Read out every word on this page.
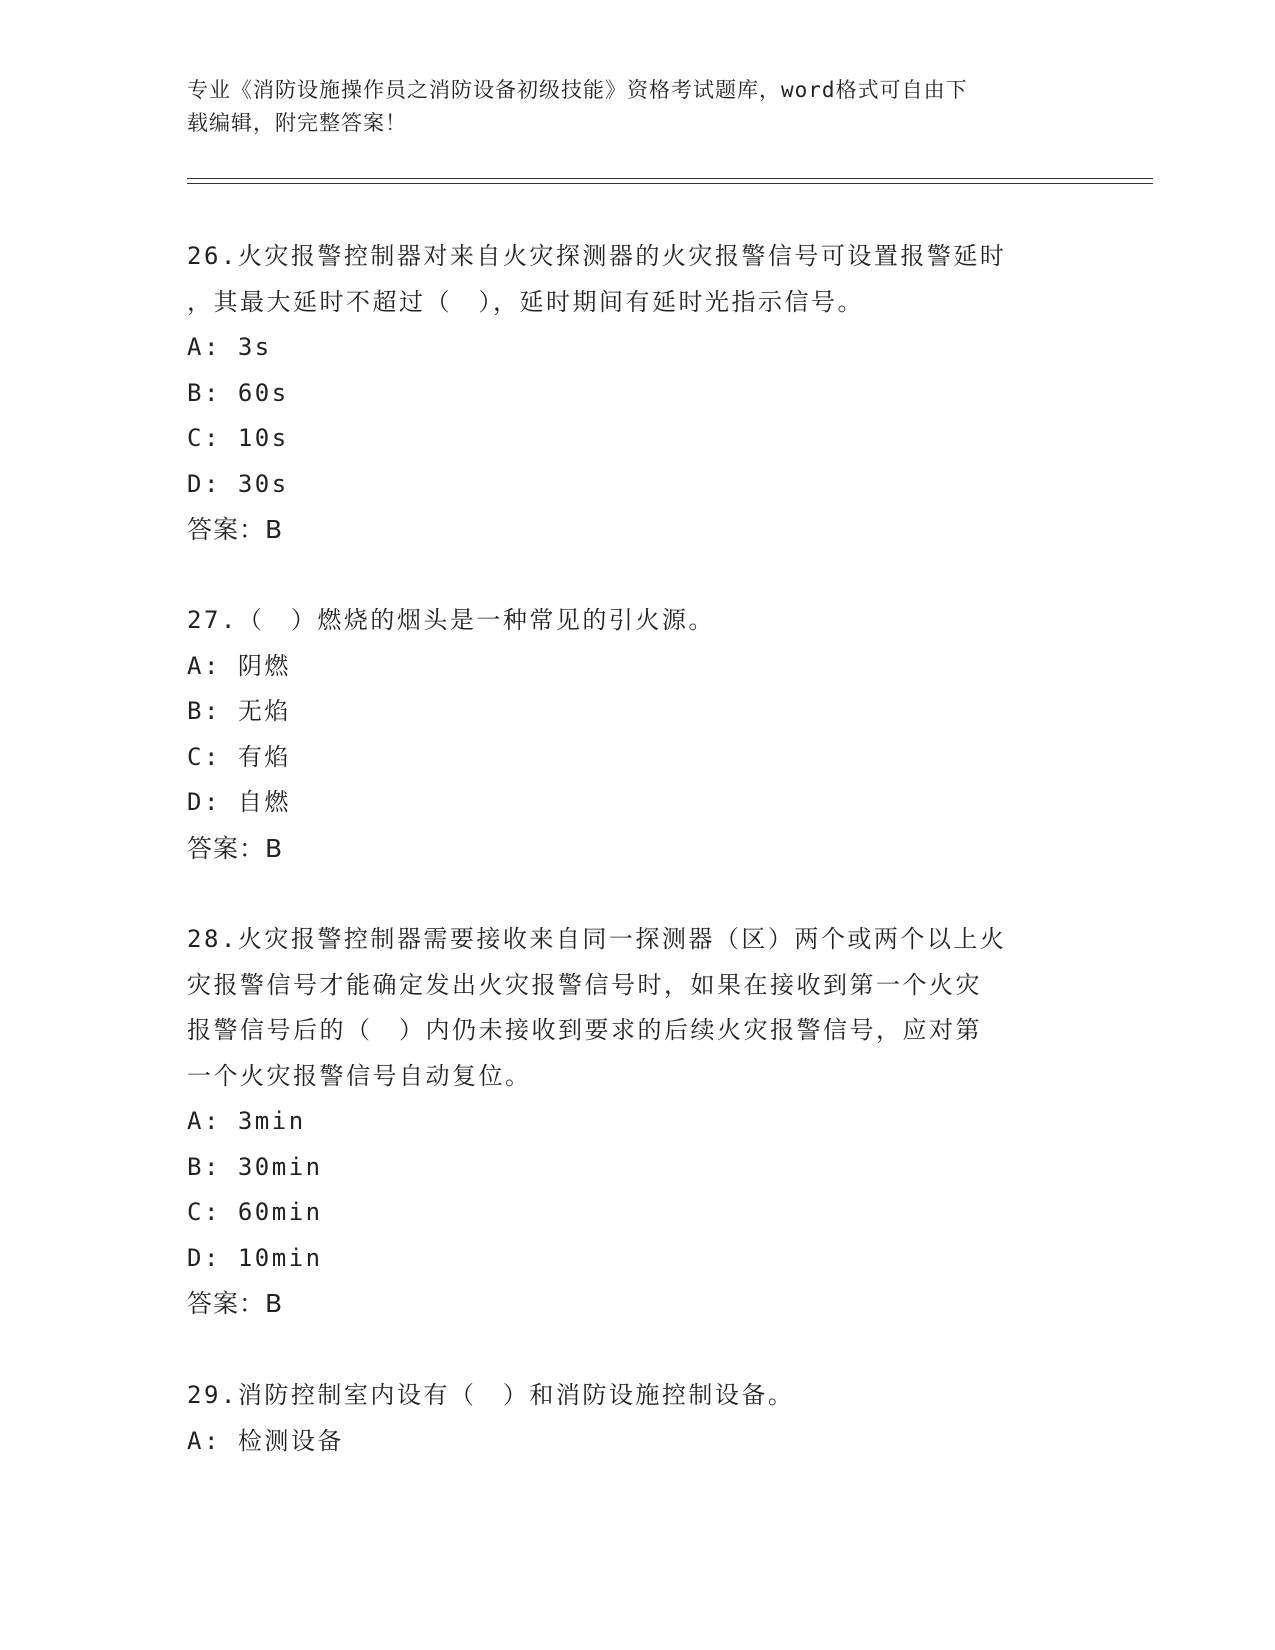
专业《消防设施操作员之消防设备初级技能》资格考试题库，word格式可自由下
载编辑，附完整答案！
26.火灾报警控制器对来自火灾探测器的火灾报警信号可设置报警延时
，其最大延时不超过（　），延时期间有延时光指示信号。
A: 3s
B: 60s
C: 10s
D: 30s
答案：B
27.（　）燃烧的烟头是一种常见的引火源。
A: 阴燃
B: 无焰
C: 有焰
D: 自燃
答案：B
28.火灾报警控制器需要接收来自同一探测器（区）两个或两个以上火
灾报警信号才能确定发出火灾报警信号时，如果在接收到第一个火灾
报警信号后的（　）内仍未接收到要求的后续火灾报警信号，应对第
一个火灾报警信号自动复位。
A: 3min
B: 30min
C: 60min
D: 10min
答案：B
29.消防控制室内设有（　）和消防设施控制设备。
A: 检测设备
